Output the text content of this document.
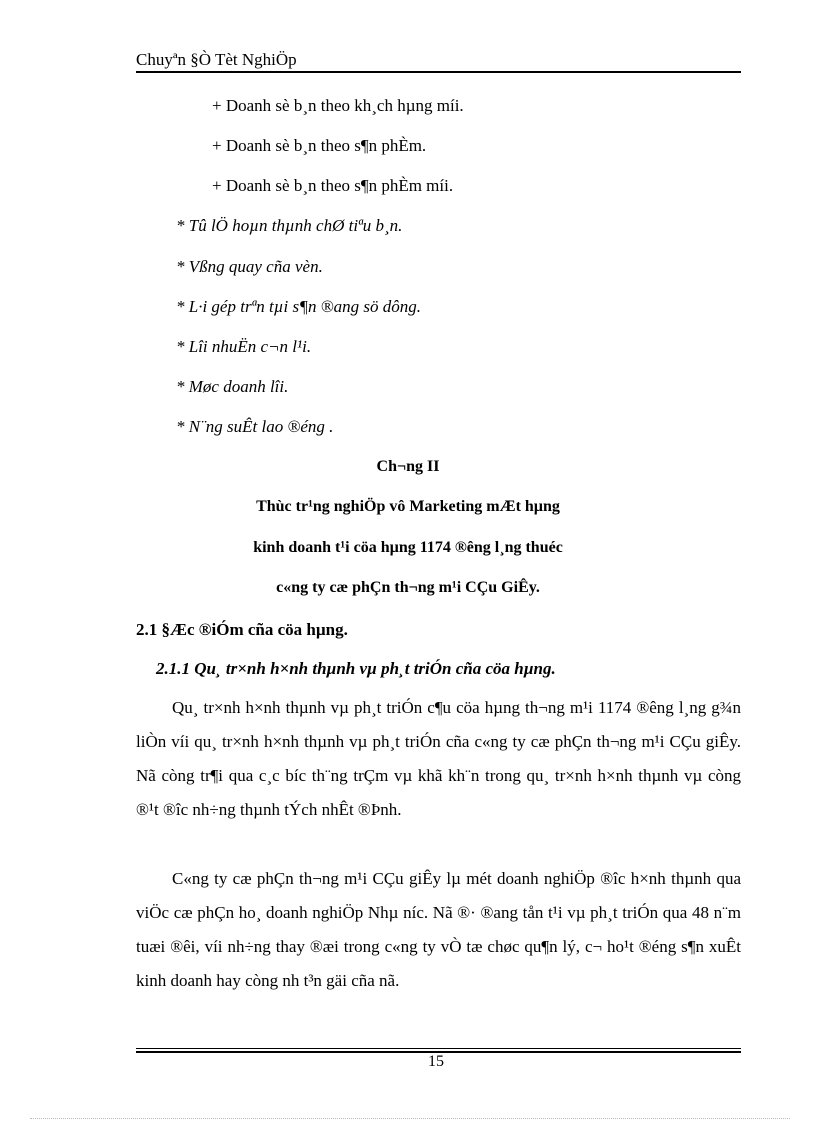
Chuyªn §Ò Tèt NghiÖp
+ Doanh sè b¸n theo kh¸ch hµng míi.
+ Doanh sè b¸n theo s¶n phÈm.
+ Doanh sè b¸n theo s¶n phÈm míi.
* Tû lÖ hoµn thµnh chØ tiªu b¸n.
* Vßng quay cña vèn.
* L·i gép trªn tµi s¶n ®ang sö dông.
* Lîi nhuËn c¬n l¹i.
* Møc doanh lîi.
* N¨ng suÊt lao ®éng .
Ch¬ng II
Thùc tr¹ng nghiÖp vô Marketing mÆt hµng
kinh doanh t¹i cöa hµng 1174 ®êng l¸ng thuéc
c«ng ty cæ phÇn th¬ng m¹i CÇu GiÊy.
2.1 §Æc ®iÓm cña cöa hµng.
2.1.1 Qu¸ tr×nh h×nh thµnh vµ ph¸t triÓn cña cöa hµng.

Qu¸ tr×nh h×nh thµnh vµ ph¸t triÓn c¶u cöa hµng th¬ng m¹i 1174 ®êng l¸ng g¾n liÒn víi qu¸ tr×nh h×nh thµnh vµ ph¸t triÓn cña c«ng ty cæ phÇn th¬ng m¹i CÇu giÊy. Nã còng tr¶i qua c¸c bíc th¨ng trÇm vµ khã kh¨n trong qu¸ tr×nh h×nh thµnh vµ còng ®¹t ®îc nh÷ng thµnh tÝch nhÊt ®Þnh.

C«ng ty cæ phÇn th¬ng m¹i CÇu giÊy lµ mét doanh nghiÖp ®îc h×nh thµnh qua viÖc cæ phÇn ho¸ doanh nghiÖp Nhµ níc. Nã ®· ®ang tån t¹i vµ ph¸t triÓn qua 48 n¨m tuæi ®êi, víi nh÷ng thay ®æi trong c«ng ty vÒ tæ chøc qu¶n lý, c¬ ho¹t ®éng s¶n xuÊt kinh doanh hay còng nh t³n gäi cña nã.

15
